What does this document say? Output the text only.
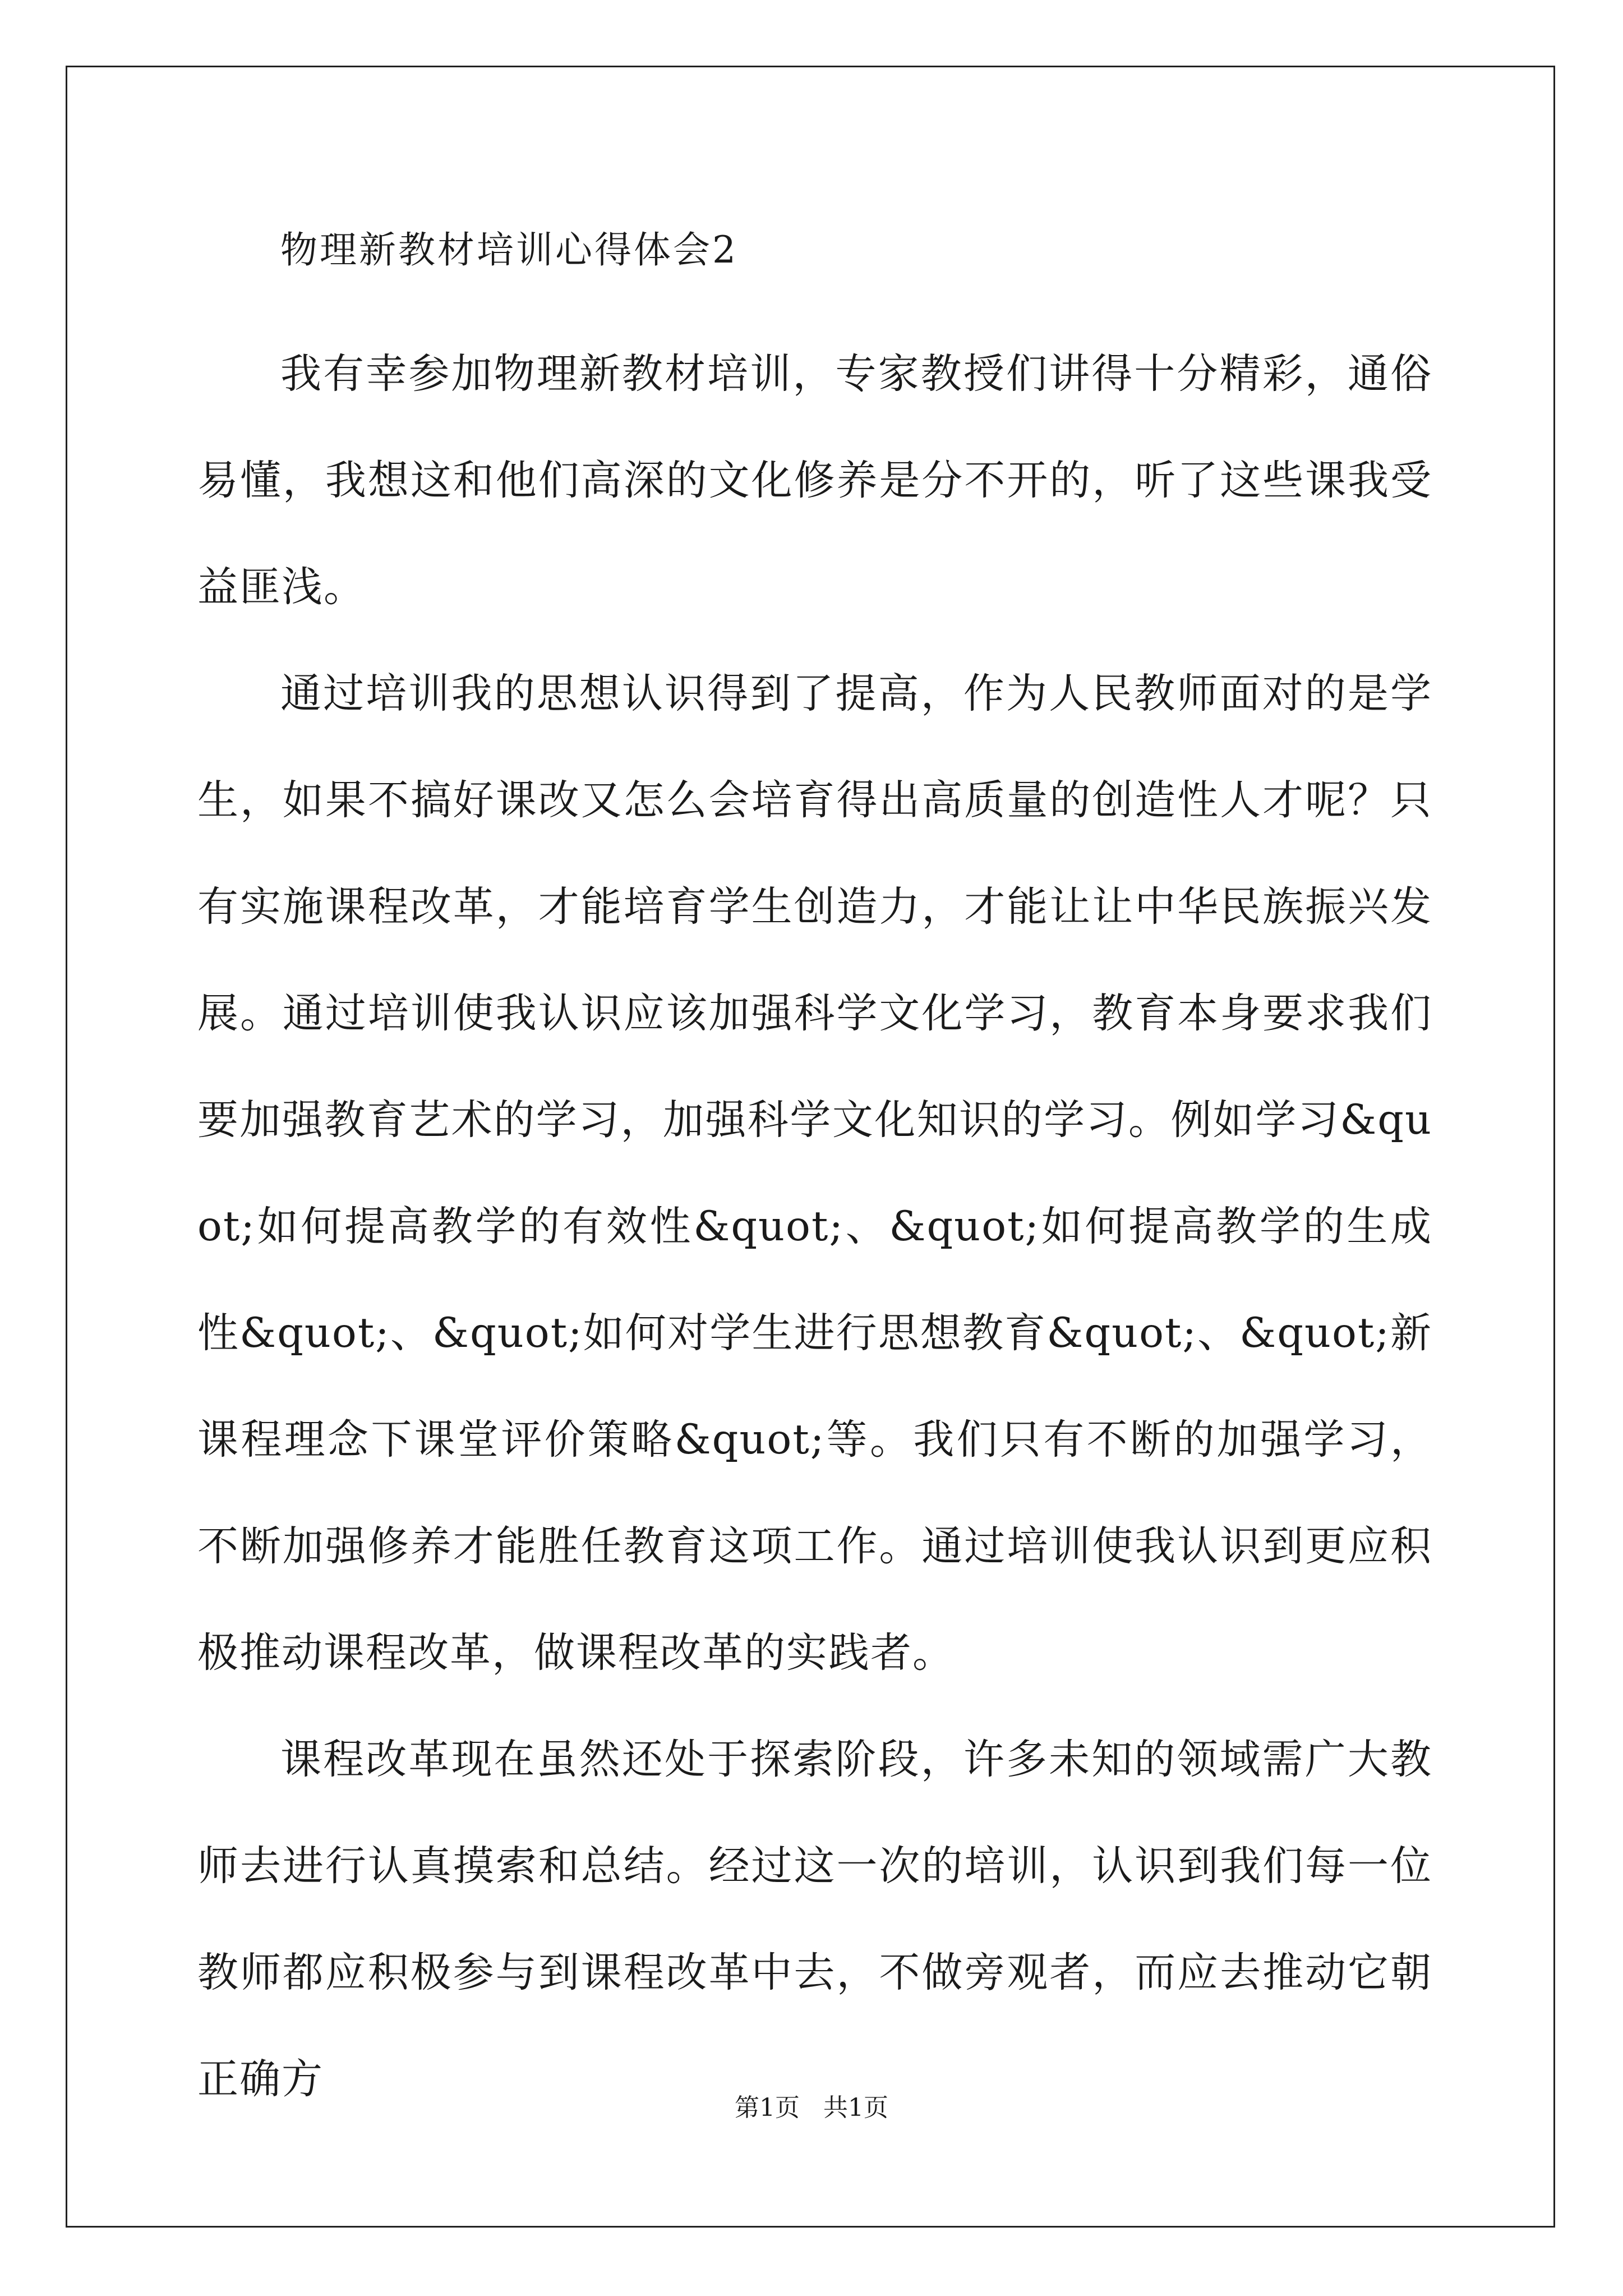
物理新教材培训心得体会2

我有幸参加物理新教材培训，专家教授们讲得十分精彩，通俗易懂，我想这和他们高深的文化修养是分不开的，听了这些课我受益匪浅。

通过培训我的思想认识得到了提高，作为人民教师面对的是学生，如果不搞好课改又怎么会培育得出高质量的创造性人才呢？只有实施课程改革，才能培育学生创造力，才能让让中华民族振兴发展。通过培训使我认识应该加强科学文化学习，教育本身要求我们要加强教育艺术的学习，加强科学文化知识的学习。例如学习&quot;如何提高教学的有效性&quot;、&quot;如何提高教学的生成性&quot;、&quot;如何对学生进行思想教育&quot;、&quot;新课程理念下课堂评价策略&quot;等。我们只有不断的加强学习，不断加强修养才能胜任教育这项工作。通过培训使我认识到更应积极推动课程改革，做课程改革的实践者。

课程改革现在虽然还处于探索阶段，许多未知的领域需广大教师去进行认真摸索和总结。经过这一次的培训，认识到我们每一位教师都应积极参与到课程改革中去，不做旁观者，而应去推动它朝正确方

第1页 共1页
